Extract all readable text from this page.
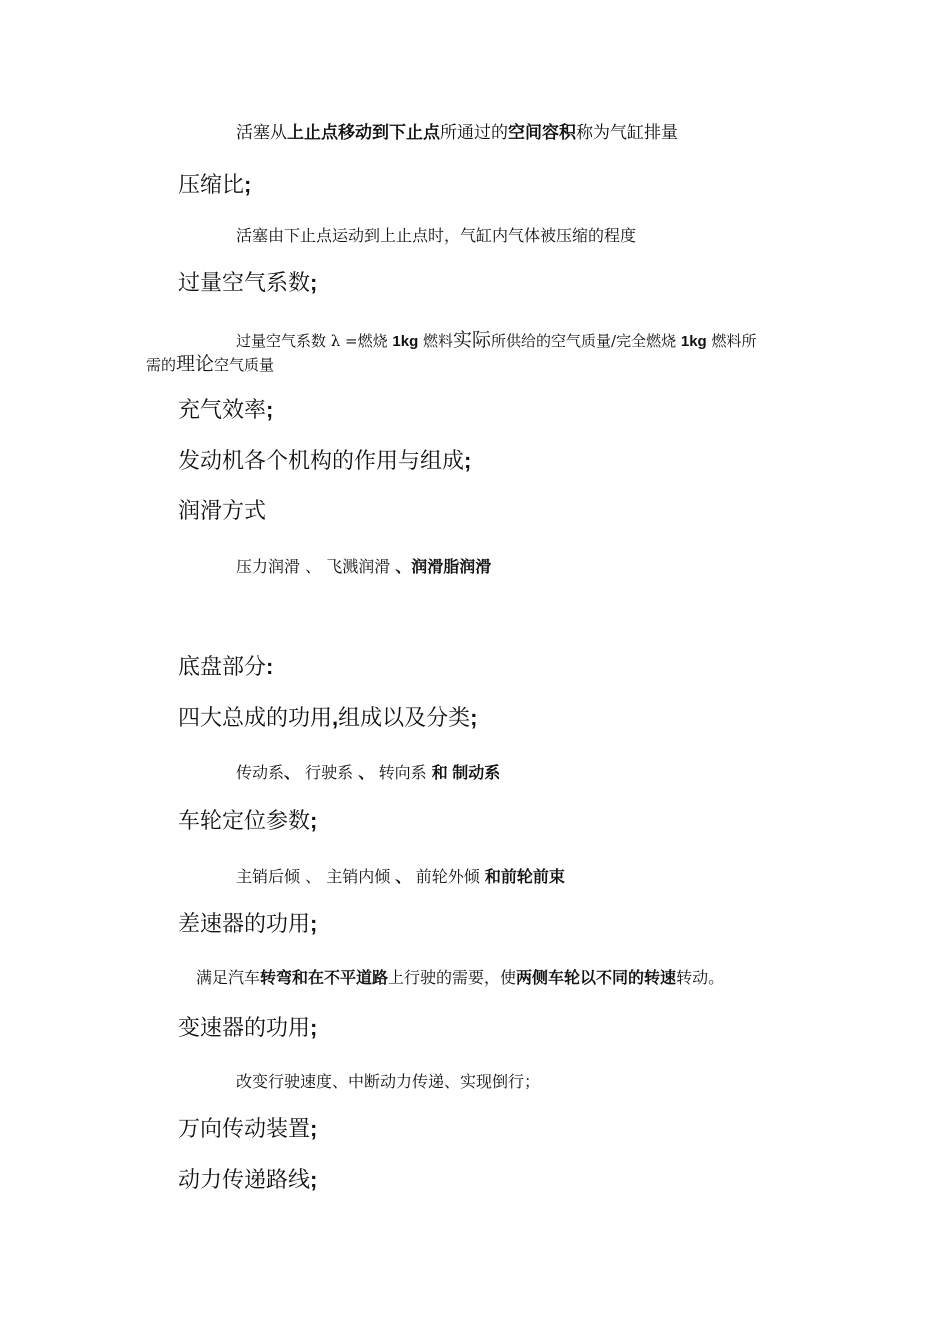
活塞从上止点移动到下止点所通过的空间容积称为气缸排量

压缩比;

活塞由下止点运动到上止点时，气缸内气体被压缩的程度

过量空气系数;

过量空气系数 λ =燃烧 1kg 燃料实际所供给的空气质量/完全燃烧 1kg 燃料所

需的理论空气质量

充气效率;

发动机各个机构的作用与组成;

润滑方式

压力润滑 、 飞溅润滑 、润滑脂润滑

底盘部分:

四大总成的功用,组成以及分类;

传动系、 行驶系 、 转向系 和 制动系

车轮定位参数;

主销后倾 、 主销内倾 、 前轮外倾 和前轮前束

差速器的功用;

满足汽车转弯和在不平道路上行驶的需要，使两侧车轮以不同的转速转动。

变速器的功用;

改变行驶速度、中断动力传递、实现倒行；

万向传动装置;

动力传递路线;
